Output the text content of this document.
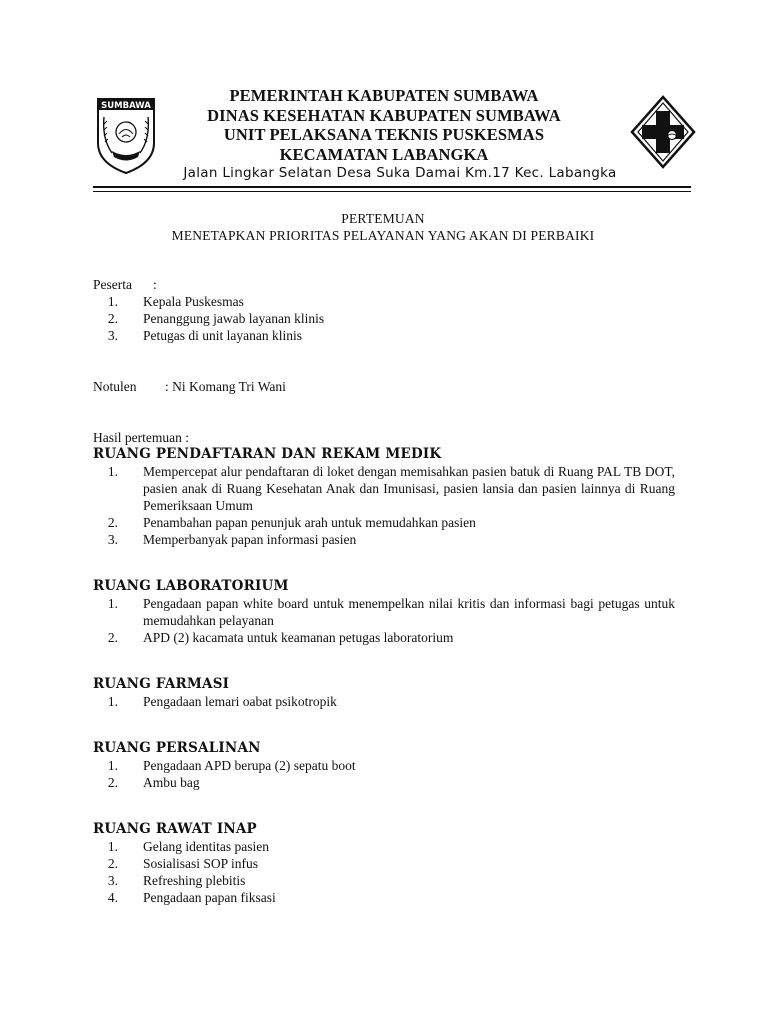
SUMBAWA
PEMERINTAH KABUPATEN SUMBAWA
DINAS KESEHATAN KABUPATEN SUMBAWA
UNIT PELAKSANA TEKNIS PUSKESMAS
KECAMATAN LABANGKA
Jalan Lingkar Selatan Desa Suka Damai Km.17 Kec. Labangka
PERTEMUAN
MENETAPKAN PRIORITAS PELAYANAN YANG AKAN DI PERBAIKI
Peserta	:
1. Kepala Puskesmas
2. Penanggung jawab layanan klinis
3. Petugas di unit layanan klinis
Notulen	: Ni Komang Tri Wani
Hasil pertemuan :
RUANG PENDAFTARAN DAN REKAM MEDIK
1. Mempercepat alur pendaftaran di loket dengan memisahkan pasien batuk di Ruang PAL TB DOT, pasien anak di Ruang Kesehatan Anak dan Imunisasi, pasien lansia dan pasien lainnya di Ruang Pemeriksaan Umum
2. Penambahan papan penunjuk arah untuk memudahkan pasien
3. Memperbanyak papan informasi pasien
RUANG LABORATORIUM
1. Pengadaan papan white board untuk menempelkan nilai kritis dan informasi bagi petugas untuk memudahkan pelayanan
2. APD (2) kacamata untuk keamanan petugas laboratorium
RUANG FARMASI
1. Pengadaan lemari oabat psikotropik
RUANG PERSALINAN
1. Pengadaan APD berupa (2) sepatu boot
2. Ambu bag
RUANG RAWAT INAP
1. Gelang identitas pasien
2. Sosialisasi SOP infus
3. Refreshing plebitis
4. Pengadaan papan fiksasi
